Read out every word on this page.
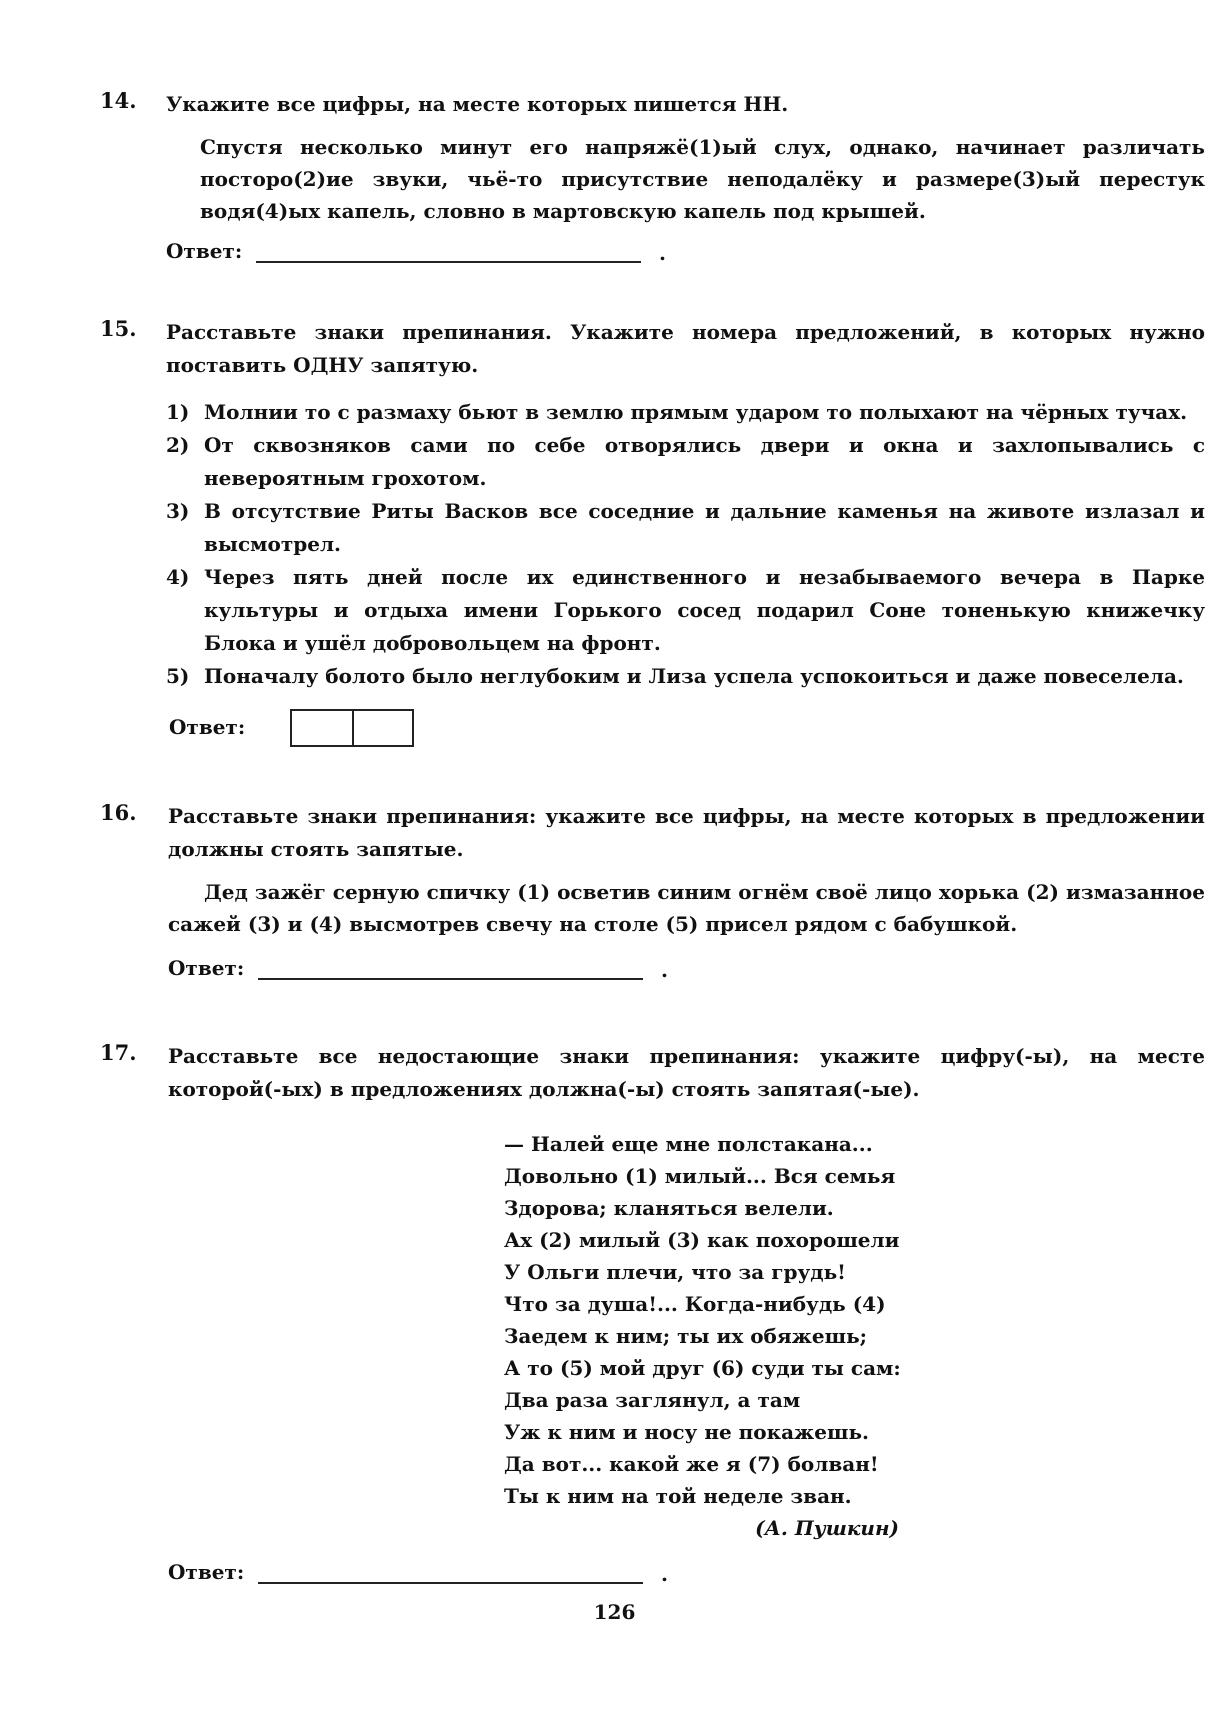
14. Укажите все цифры, на месте которых пишется НН.
Спустя несколько минут его напряжё(1)ый слух, однако, начинает различать посторо(2)ие звуки, чьё-то присутствие неподалёку и размере(3)ый перестук водя(4)ых капель, словно в мартовскую капель под крышей.
Ответ:	.
15. Расставьте знаки препинания. Укажите номера предложений, в которых нужно поставить ОДНУ запятую.
1) Молнии то с размаху бьют в землю прямым ударом то полыхают на чёрных тучах.
2) От сквозняков сами по себе отворялись двери и окна и захлопывались с невероятным грохотом.
3) В отсутствие Риты Васков все соседние и дальние каменья на животе излазал и высмотрел.
4) Через пять дней после их единственного и незабываемого вечера в Парке культуры и отдыха имени Горького сосед подарил Соне тоненькую книжечку Блока и ушёл добровольцем на фронт.
5) Поначалу болото было неглубоким и Лиза успела успокоиться и даже повеселела.
Ответ:
16. Расставьте знаки препинания: укажите все цифры, на месте которых в предложении должны стоять запятые.
Дед зажёг серную спичку (1) осветив синим огнём своё лицо хорька (2) измазанное сажей (3) и (4) высмотрев свечу на столе (5) присел рядом с бабушкой.
Ответ:	.
17. Расставьте все недостающие знаки препинания: укажите цифру(-ы), на месте которой(-ых) в предложениях должна(-ы) стоять запятая(-ые).
— Налей еще мне полстакана...
Довольно (1) милый... Вся семья
Здорова; кланяться велели.
Ах (2) милый (3) как похорошели
У Ольги плечи, что за грудь!
Что за душа!... Когда-нибудь (4)
Заедем к ним; ты их обяжешь;
А то (5) мой друг (6) суди ты сам:
Два раза заглянул, а там
Уж к ним и носу не покажешь.
Да вот... какой же я (7) болван!
Ты к ним на той неделе зван.
(А. Пушкин)
Ответ:	.
126
